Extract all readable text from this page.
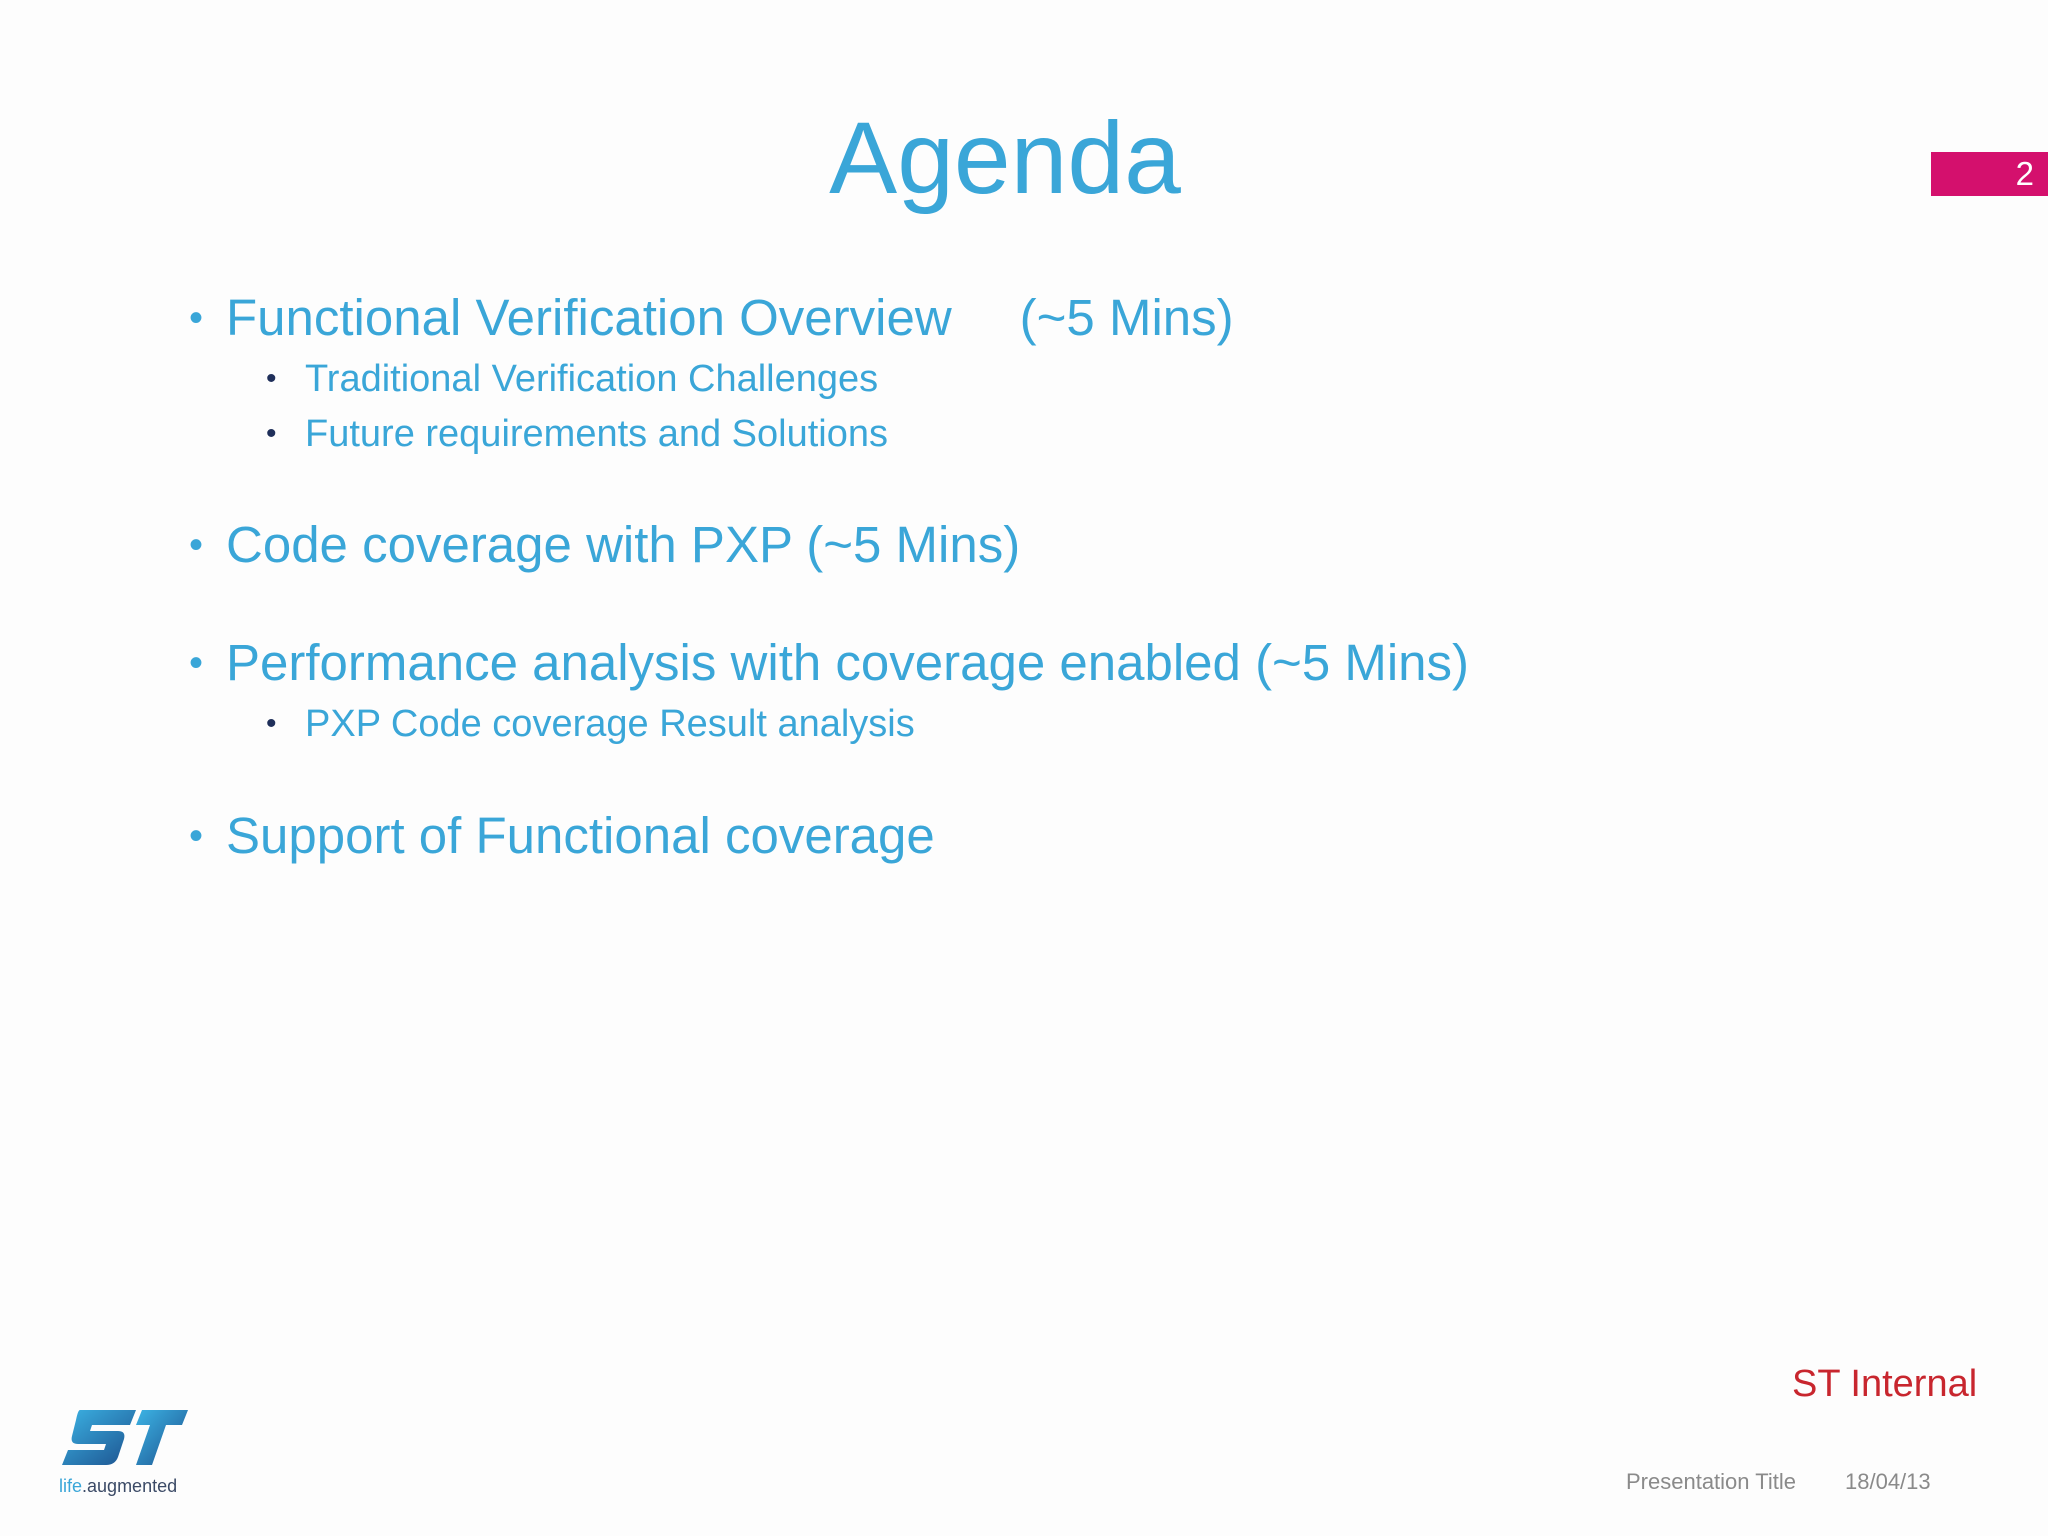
Agenda	2
• Functional Verification Overview (~5 Mins)
• Traditional Verification Challenges
• Future requirements and Solutions
• Code coverage with PXP (~5 Mins)
• Performance analysis with coverage enabled (~5 Mins)
• PXP Code coverage Result analysis
• Support of Functional coverage
ST Internal
Presentation Title 18/04/13
life.augmented
